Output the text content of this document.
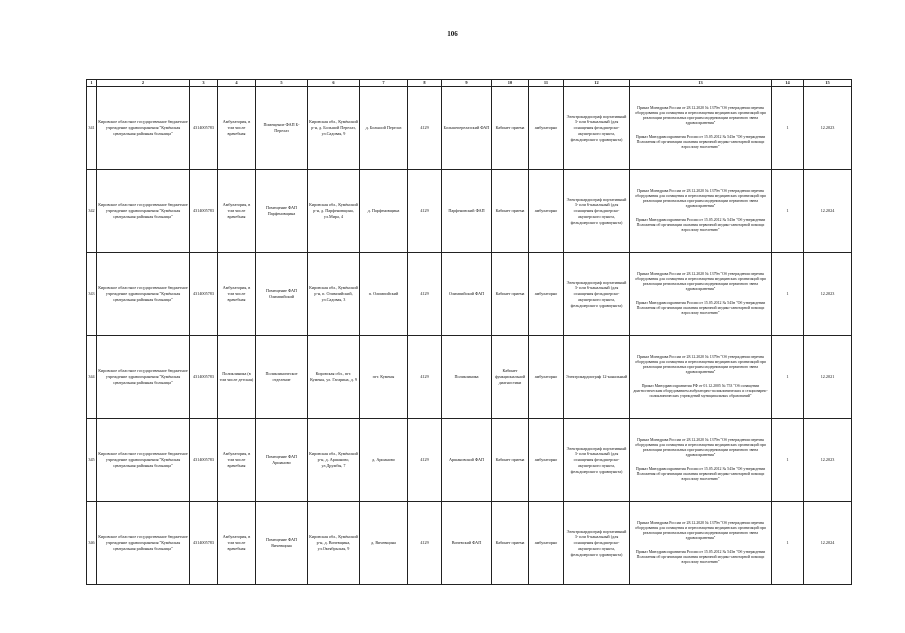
106
1	2	3	4	5	6	7	8	9	10	11	12	13	14	15
341	Кировское областное государственное бюджетное учреждение здравоохранения "Кумёнская центральная районная больница"	4314005783	Амбулатория, в том числе врачебная	Помещение ФАП Б-Перелаз	Кировская обл., Кумёнский р-н, д. Большой Перелаз, ул.Садовая, 9	д. Большой Перелаз	4129	Большеперелазский ФАП	Кабинет приема	амбулаторно	Электрокардиограф портативный 3- или 6-канальный (для оснащения фельдшерско-акушерского пункта, фельдшерского здравпункта)	Приказ Минздрава России от 28.12.2020 № 1379н "Об утверждении перечня оборудования для оснащения и переоснащения медицинских организаций при реализации региональных программ модернизации первичного звена здравоохранения"
Приказ Минздравсоцразвития России от 15.05.2012 № 543н "Об утверждении Положения об организации оказания первичной медико-санитарной помощи взрослому населению"	1	12.2023
342	Кировское областное государственное бюджетное учреждение здравоохранения "Кумёнская центральная районная больница"	4314005783	Амбулатория, в том числе врачебная	Помещение ФАП Парфеновщина	Кировская обл., Кумёнский р-н, д. Парфеновщина, ул.Мира, 4	д. Парфеновщина	4129	Парфеновский ФАП	Кабинет приема	амбулаторно	Электрокардиограф портативный 3- или 6-канальный (для оснащения фельдшерско-акушерского пункта, фельдшерского здравпункта)	Приказ Минздрава России от 28.12.2020 № 1379н "Об утверждении перечня оборудования для оснащения и переоснащения медицинских организаций при реализации региональных программ модернизации первичного звена здравоохранения"
Приказ Минздравсоцразвития России от 15.05.2012 № 543н "Об утверждении Положения об организации оказания первичной медико-санитарной помощи взрослому населению"	1	12.2024
343	Кировское областное государственное бюджетное учреждение здравоохранения "Кумёнская центральная районная больница"	4314005783	Амбулатория, в том числе врачебная	Помещение ФАП Олимпийский	Кировская обл., Кумёнский р-н, п. Олимпийский, ул.Садовая, 3	п. Олимпийский	4129	Олимпийский ФАП	Кабинет приема	амбулаторно	Электрокардиограф портативный 3- или 6-канальный (для оснащения фельдшерско-акушерского пункта, фельдшерского здравпункта)	Приказ Минздрава России от 28.12.2020 № 1379н "Об утверждении перечня оборудования для оснащения и переоснащения медицинских организаций при реализации региональных программ модернизации первичного звена здравоохранения"
Приказ Минздравсоцразвития России от 15.05.2012 № 543н "Об утверждении Положения об организации оказания первичной медико-санитарной помощи взрослому населению"	1	12.2023
344	Кировское областное государственное бюджетное учреждение здравоохранения "Кумёнская центральная районная больница"	4314005783	Поликлиника (в том числе детская)	Поликлиническое отделение	Кировская обл., пгт. Кумены, ул. Гагарина, д. 9	пгт. Кумены	4129	Поликлиника	Кабинет функциональной диагностики	амбулаторно	Электрокардиограф 12-канальный	Приказ Минздрава России от 28.12.2020 № 1379н "Об утверждении перечня оборудования для оснащения и переоснащения медицинских организаций при реализации региональных программ модернизации первичного звена здравоохранения"
Приказ Минздравсоцразвития РФ от 01.12.2005 № 753 "Об оснащении диагностическим оборудованием амбулаторно-поликлинических и стационарно-поликлинических учреждений муниципальных образований"	1	12.2021
345	Кировское областное государственное бюджетное учреждение здравоохранения "Кумёнская центральная районная больница"	4314005783	Амбулатория, в том числе врачебная	Помещение ФАП Аршаново	Кировская обл., Кумёнский р-н, д. Аршаново, ул.Дружбы, 7	д. Аршаново	4129	Аршановский ФАП	Кабинет приема	амбулаторно	Электрокардиограф портативный 3- или 6-канальный (для оснащения фельдшерско-акушерского пункта, фельдшерского здравпункта)	Приказ Минздрава России от 28.12.2020 № 1379н "Об утверждении перечня оборудования для оснащения и переоснащения медицинских организаций при реализации региональных программ модернизации первичного звена здравоохранения"
Приказ Минздравсоцразвития России от 15.05.2012 № 543н "Об утверждении Положения об организации оказания первичной медико-санитарной помощи взрослому населению"	1	12.2023
346	Кировское областное государственное бюджетное учреждение здравоохранения "Кумёнская центральная районная больница"	4314005783	Амбулатория, в том числе врачебная	Помещение ФАП Вичевщина	Кировская обл., Кумёнский р-н, д. Вичевщина, ул.Октябрьская, 9	д. Вичевщина	4129	Вичевский ФАП	Кабинет приема	амбулаторно	Электрокардиограф портативный 3- или 6-канальный (для оснащения фельдшерско-акушерского пункта, фельдшерского здравпункта)	Приказ Минздрава России от 28.12.2020 № 1379н "Об утверждении перечня оборудования для оснащения и переоснащения медицинских организаций при реализации региональных программ модернизации первичного звена здравоохранения"
Приказ Минздравсоцразвития России от 15.05.2012 № 543н "Об утверждении Положения об организации оказания первичной медико-санитарной помощи взрослому населению"	1	12.2024
